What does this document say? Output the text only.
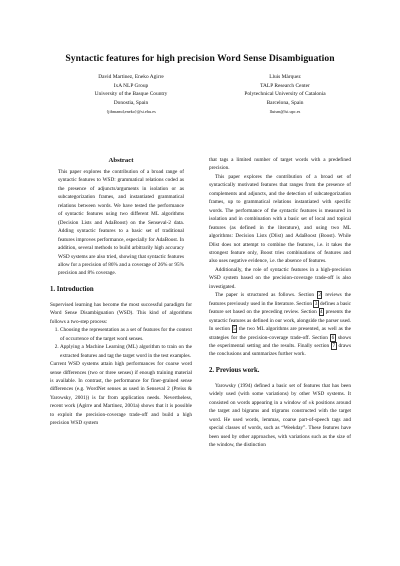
Syntactic features for high precision Word Sense Disambiguation
David Martinez, Eneko Agirre
IxA NLP Group
University of the Basque Country
Donostia, Spain
{jibmamd,eneko}@si.ehu.es
Lluis Màrquez
TALP Research Center
Polytechnical University of Catalonia
Barcelona, Spain
lluism@lsi.upc.es
Abstract

This paper explores the contribution of a broad range of syntactic features to WSD: grammatical relations coded as the presence of adjuncts/arguments in isolation or as subcategorization frames, and instantiated grammatical relations between words. We have tested the performance of syntactic features using two different ML algorithms (Decision Lists and AdaBoost) on the Senseval-2 data. Adding syntactic features to a basic set of traditional features improves performance, especially for AdaBoost. In addition, several methods to build arbitrarily high accuracy WSD systems are also tried, showing that syntactic features allow for a precision of 86% and a coverage of 26% or 95% precision and 8% coverage.

1. Introduction

Supervised learning has become the most successful paradigm for Word Sense Disambiguation (WSD). This kind of algorithms follows a two-step process:

1. Choosing the representation as a set of features for the context of occurrence of the target word senses.
2. Applying a Machine Learning (ML) algorithm to train on the extracted features and tag the target word in the test examples.

Current WSD systems attain high performances for coarse word sense differences (two or three senses) if enough training material is available. In contrast, the performance for finer-grained sense differences (e.g. WordNet senses as used in Senseval 2 (Preiss & Yarowsky, 2001)) is far from application needs. Nevertheless, recent work (Agirre and Martinez, 2001a) shows that it is possible to exploit the precision-coverage trade-off and build a high precision WSD system

that tags a limited number of target words with a predefined precision.

This paper explores the contribution of a broad set of syntactically motivated features that ranges from the presence of complements and adjuncts, and the detection of subcategorization frames, up to grammatical relations instantiated with specific words. The performance of the syntactic features is measured in isolation and in combination with a basic set of local and topical features (as defined in the literature), and using two ML algorithms: Decision Lists (Dlist) and AdaBoost (Boost). While Dlist does not attempt to combine the features, i.e. it takes the strongest feature only, Boost tries combinations of features and also uses negative evidence, i.e. the absence of features.

Additionally, the role of syntactic features in a high-precision WSD system based on the precision-coverage trade-off is also investigated.

The paper is structured as follows. Section 2 reviews the features previously used in the literature. Section 3 defines a basic feature set based on the preceding review. Section 4 presents the syntactic features as defined in our work, alongside the parser used. In section 5 the two ML algorithms are presented, as well as the strategies for the precision-coverage trade-off. Section 6 shows the experimental setting and the results. Finally section 7 draws the conclusions and summarizes further work.

2. Previous work.

Yarowsky (1994) defined a basic set of features that has been widely used (with some variations) by other WSD systems. It consisted on words appearing in a window of ±k positions around the target and bigrams and trigrams constructed with the target word. He used words, lemmas, coarse part-of-speech tags and special classes of words, such as “Weekday”. These features have been used by other approaches, with variations such as the size of the window, the distinction
